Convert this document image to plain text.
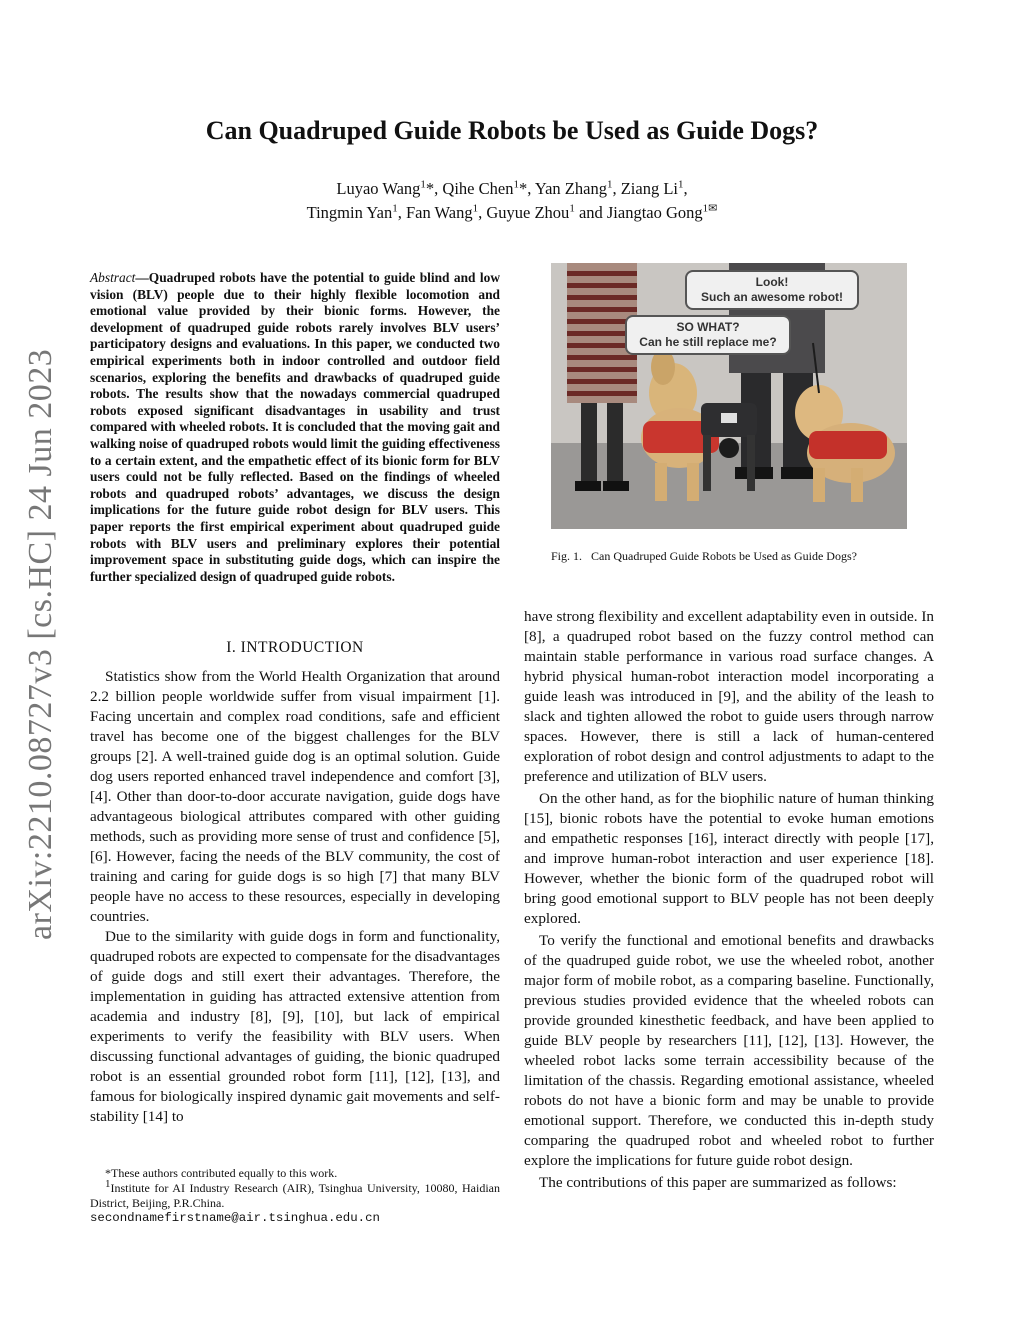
arXiv:2210.08727v3 [cs.HC] 24 Jun 2023
Can Quadruped Guide Robots be Used as Guide Dogs?
Luyao Wang$^1$*, Qihe Chen$^1$*, Yan Zhang$^1$, Ziang Li$^1$,
Tingmin Yan$^1$, Fan Wang$^1$, Guyue Zhou$^1$ and Jiangtao Gong$^{1✉}$
Abstract—Quadruped robots have the potential to guide blind and low vision (BLV) people due to their highly flexible locomotion and emotional value provided by their bionic forms. However, the development of quadruped guide robots rarely involves BLV users’ participatory designs and evaluations. In this paper, we conducted two empirical experiments both in indoor controlled and outdoor field scenarios, exploring the benefits and drawbacks of quadruped guide robots. The results show that the nowadays commercial quadruped robots exposed significant disadvantages in usability and trust compared with wheeled robots. It is concluded that the moving gait and walking noise of quadruped robots would limit the guiding effectiveness to a certain extent, and the empathetic effect of its bionic form for BLV users could not be fully reflected. Based on the findings of wheeled robots and quadruped robots’ advantages, we discuss the design implications for the future guide robot design for BLV users. This paper reports the first empirical experiment about quadruped guide robots with BLV users and preliminary explores their potential improvement space in substituting guide dogs, which can inspire the further specialized design of quadruped guide robots.
I. INTRODUCTION

Statistics show from the World Health Organization that around 2.2 billion people worldwide suffer from visual impairment [1]. Facing uncertain and complex road conditions, safe and efficient travel has become one of the biggest challenges for the BLV groups [2]. A well-trained guide dog is an optimal solution. Guide dog users reported enhanced travel independence and comfort [3], [4]. Other than door-to-door accurate navigation, guide dogs have advantageous biological attributes compared with other guiding methods, such as providing more sense of trust and confidence [5], [6]. However, facing the needs of the BLV community, the cost of training and caring for guide dogs is so high [7] that many BLV people have no access to these resources, especially in developing countries.

Due to the similarity with guide dogs in form and functionality, quadruped robots are expected to compensate for the disadvantages of guide dogs and still exert their advantages. Therefore, the implementation in guiding has attracted extensive attention from academia and industry [8], [9], [10], but lack of empirical experiments to verify the feasibility with BLV users. When discussing functional advantages of guiding, the bionic quadruped robot is an essential grounded robot form [11], [12], [13], and famous for biologically inspired dynamic gait movements and self-stability [14] to

*These authors contributed equally to this work.
$^1$Institute for AI Industry Research (AIR), Tsinghua University, 10080, Haidian District, Beijing, P.R.China.
secondnamefirstname@air.tsinghua.edu.cn
Look!
Such an awesome robot!
SO WHAT?
Can he still replace me?
Fig. 1. Can Quadruped Guide Robots be Used as Guide Dogs?
have strong flexibility and excellent adaptability even in outside. In [8], a quadruped robot based on the fuzzy control method can maintain stable performance in various road surface changes. A hybrid physical human-robot interaction model incorporating a guide leash was introduced in [9], and the ability of the leash to slack and tighten allowed the robot to guide users through narrow spaces. However, there is still a lack of human-centered exploration of robot design and control adjustments to adapt to the preference and utilization of BLV users.

On the other hand, as for the biophilic nature of human thinking [15], bionic robots have the potential to evoke human emotions and empathetic responses [16], interact directly with people [17], and improve human-robot interaction and user experience [18]. However, whether the bionic form of the quadruped robot will bring good emotional support to BLV people has not been deeply explored.

To verify the functional and emotional benefits and drawbacks of the quadruped guide robot, we use the wheeled robot, another major form of mobile robot, as a comparing baseline. Functionally, previous studies provided evidence that the wheeled robots can provide grounded kinesthetic feedback, and have been applied to guide BLV people by researchers [11], [12], [13]. However, the wheeled robot lacks some terrain accessibility because of the limitation of the chassis. Regarding emotional assistance, wheeled robots do not have a bionic form and may be unable to provide emotional support. Therefore, we conducted this in-depth study comparing the quadruped robot and wheeled robot to further explore the implications for future guide robot design.

The contributions of this paper are summarized as follows:
